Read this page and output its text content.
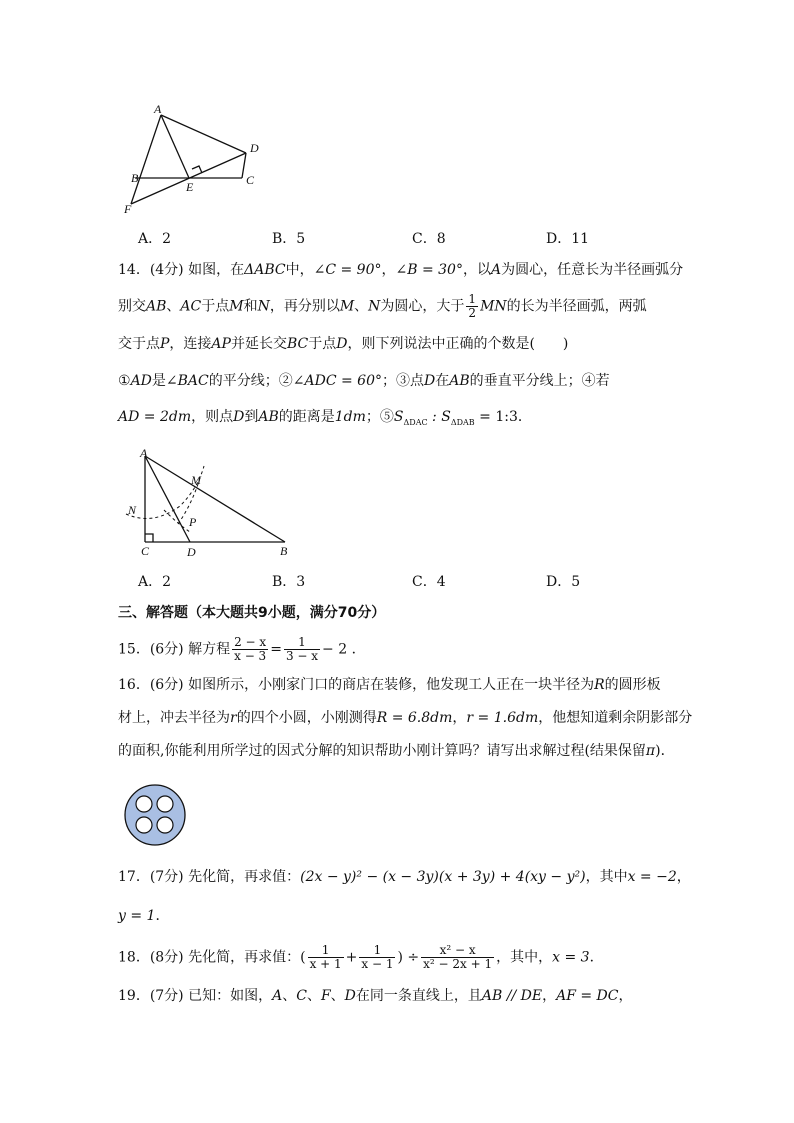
A
D
B
E	C
F
A．2	B．5	C．8	D．11
14．(4分) 如图，在ΔABC中，∠C = 90°，∠B = 30°，以A为圆心，任意长为半径画弧分
别交AB、AC于点M和N，再分别以M、N为圆心，大于 $\frac{1}{2}$ MN的长为半径画弧，两弧
交于点P，连接AP并延长交BC于点D，则下列说法中正确的个数是(　　)
①AD是∠BAC的平分线；②∠ADC = 60°；③点D在AB的垂直平分线上；④若
AD = 2dm，则点D到AB的距离是1dm；$⑤S_{\Delta DAC}$ : $S_{\Delta DAB}$ = 1:3．
A
N
M
P
C	D	B
A．2	B．3	C．4	D．5
三、解答题（本大题共9小题，满分70分）
15．(6分) 解方程 $\frac{2 - x}{x - 3} = \frac{1}{3 - x} - 2$ ．
16．(6分) 如图所示，小刚家门口的商店在装修，他发现工人正在一块半径为R的圆形板
材上，冲去半径为r的四个小圆，小刚测得R = 6.8dm，r = 1.6dm，他想知道剩余阴影部分
的面积,你能利用所学过的因式分解的知识帮助小刚计算吗？请写出求解过程(结果保留π)．
17．(7分) 先化简，再求值：(2x − y)² − (x − 3y)(x + 3y) + 4(xy − y²)，其中x = −2，
y = 1．
18．(8分) 先化简，再求值：( $\frac{1}{x + 1} + \frac{1}{x - 1}$ ) ÷ $\frac{\text{x² − x}}{\text{x² − 2x + 1}}$ ，其中，x = 3．
19．(7分) 已知：如图，A、C、F、D在同一条直线上，且AB // DE，AF = DC，
